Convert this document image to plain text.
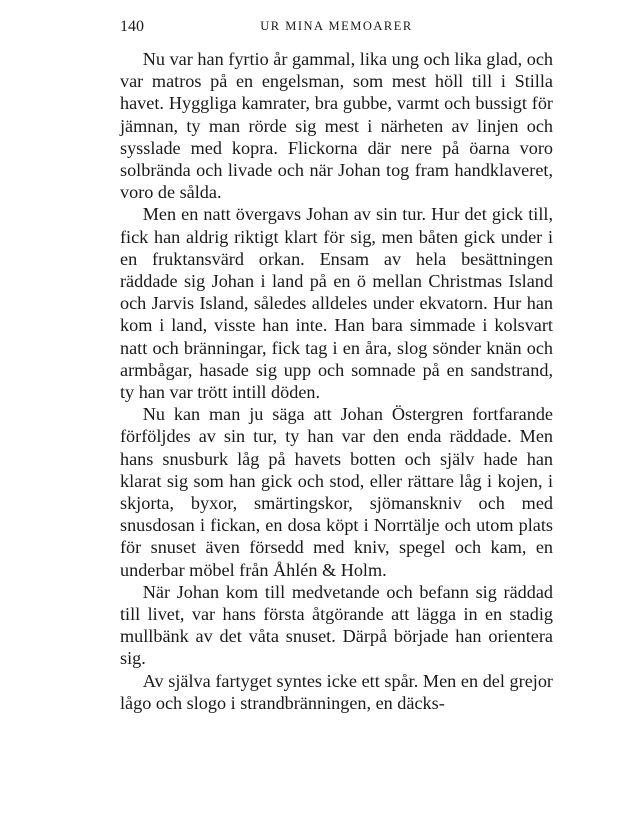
140	UR MINA MEMOARER

Nu var han fyrtio år gammal, lika ung och lika glad, och var matros på en engelsman, som mest höll till i Stilla havet. Hyggliga kamrater, bra gubbe, varmt och bussigt för jämnan, ty man rörde sig mest i närheten av linjen och sysslade med kopra. Flickorna där nere på öarna voro solbrända och livade och när Johan tog fram handklaveret, voro de sålda.

Men en natt övergavs Johan av sin tur. Hur det gick till, fick han aldrig riktigt klart för sig, men båten gick under i en fruktansvärd orkan. Ensam av hela besättningen räddade sig Johan i land på en ö mellan Christmas Island och Jarvis Island, således alldeles under ekvatorn. Hur han kom i land, visste han inte. Han bara simmade i kolsvart natt och bränningar, fick tag i en åra, slog sönder knän och armbågar, hasade sig upp och somnade på en sandstrand, ty han var trött intill döden.

Nu kan man ju säga att Johan Östergren fortfarande förföljdes av sin tur, ty han var den enda räddade. Men hans snusburk låg på havets botten och själv hade han klarat sig som han gick och stod, eller rättare låg i kojen, i skjorta, byxor, smärtingskor, sjömanskniv och med snusdosan i fickan, en dosa köpt i Norrtälje och utom plats för snuset även försedd med kniv, spegel och kam, en underbar möbel från Åhlén & Holm.

När Johan kom till medvetande och befann sig räddad till livet, var hans första åtgörande att lägga in en stadig mullbänk av det våta snuset. Därpå började han orientera sig.

Av själva fartyget syntes icke ett spår. Men en del grejor lågo och slogo i strandbränningen, en däcks-
